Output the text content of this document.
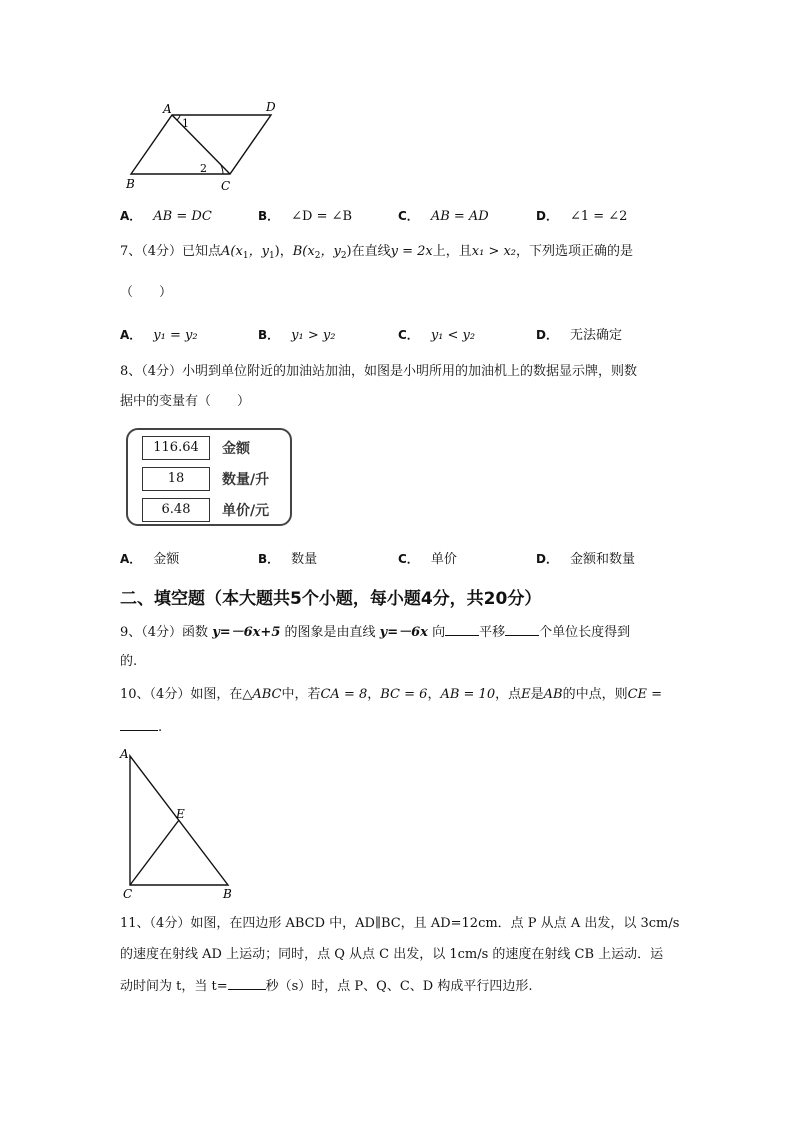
A	D
B	C
1
2
A． AB = DC	B． ∠D = ∠B	C． AB = AD	D． ∠1 = ∠2
7、（4分）已知点$A(x_1$，$y_1$)，$B(x_2$，$y_2$)在直线y = 2x上，且x₁ > x₂，下列选项正确的是
（　　）
A． y₁ = y₂	B． y₁ > y₂	C． y₁ < y₂	D． 无法确定
8、（4分）小明到单位附近的加油站加油，如图是小明所用的加油机上的数据显示牌，则数
据中的变量有（　　）
116.64	金额
18	数量/升
6.48	单价/元
A． 金额	B． 数量	C． 单价	D． 金额和数量
二、填空题（本大题共5个小题，每小题4分，共20分）
9、（4分）函数 y=－6x+5 的图象是由直线 y=－6x 向	平移	个单位长度得到
的.
10、（4分）如图，在△ABC中，若CA = 8，BC = 6，AB = 10，点E是AB的中点，则CE =
.
A
E
C	B
11、（4分）如图，在四边形 ABCD 中，AD∥BC，且 AD=12cm．点 P 从点 A 出发，以 3cm/s
的速度在射线 AD 上运动；同时，点 Q 从点 C 出发，以 1cm/s 的速度在射线 CB 上运动．运
动时间为 t，当 t=	秒（s）时，点 P、Q、C、D 构成平行四边形.
